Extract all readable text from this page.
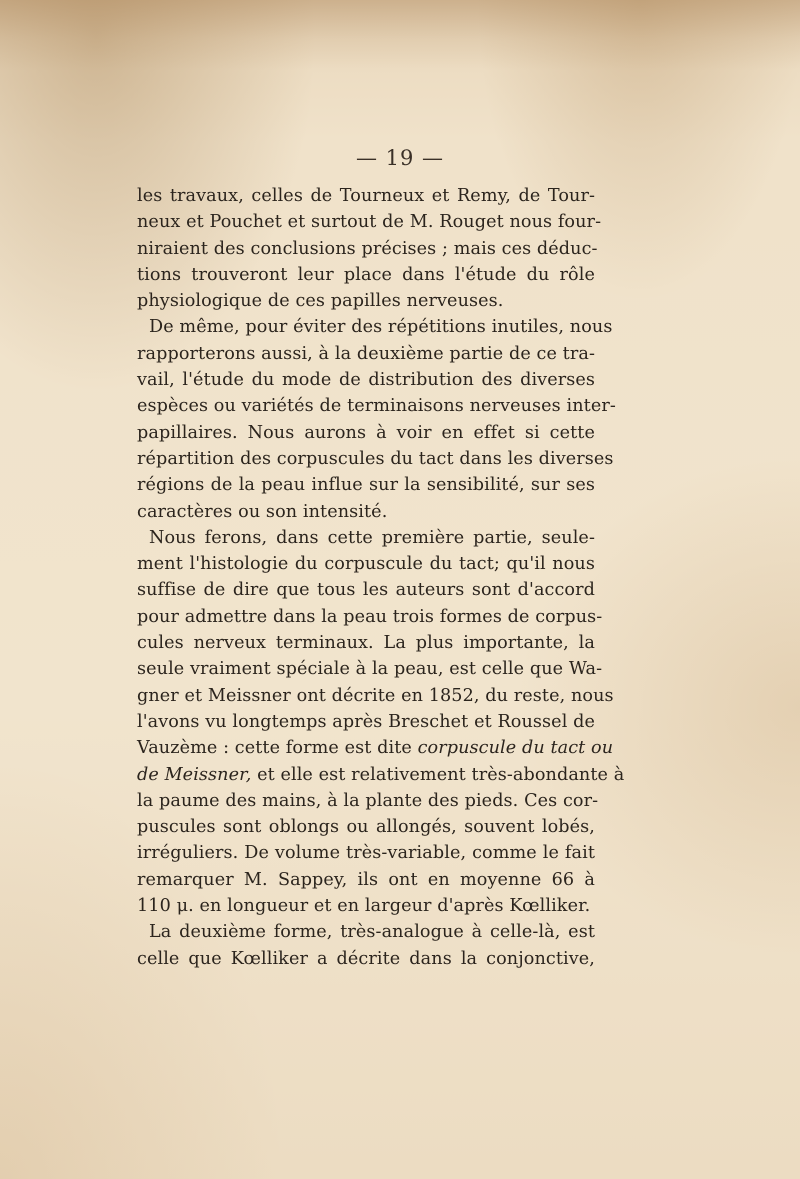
— 19 —
les travaux, celles de Tourneux et Remy, de Tour-
neux et Pouchet et surtout de M. Rouget nous four-
niraient des conclusions précises ; mais ces déduc-
tions trouveront leur place dans l'étude du rôle
physiologique de ces papilles nerveuses.
De même, pour éviter des répétitions inutiles, nous
rapporterons aussi, à la deuxième partie de ce tra-
vail, l'étude du mode de distribution des diverses
espèces ou variétés de terminaisons nerveuses inter-
papillaires. Nous aurons à voir en effet si cette
répartition des corpuscules du tact dans les diverses
régions de la peau influe sur la sensibilité, sur ses
caractères ou son intensité.
Nous ferons, dans cette première partie, seule-
ment l'histologie du corpuscule du tact; qu'il nous
suffise de dire que tous les auteurs sont d'accord
pour admettre dans la peau trois formes de corpus-
cules nerveux terminaux. La plus importante, la
seule vraiment spéciale à la peau, est celle que Wa-
gner et Meissner ont décrite en 1852, du reste, nous
l'avons vu longtemps après Breschet et Roussel de
Vauzème : cette forme est dite corpuscule du tact ou
de Meissner, et elle est relativement très-abondante à
la paume des mains, à la plante des pieds. Ces cor-
puscules sont oblongs ou allongés, souvent lobés,
irréguliers. De volume très-variable, comme le fait
remarquer M. Sappey, ils ont en moyenne 66 à
110 μ. en longueur et en largeur d'après Kœlliker.
La deuxième forme, très-analogue à celle-là, est
celle que Kœlliker a décrite dans la conjonctive,
